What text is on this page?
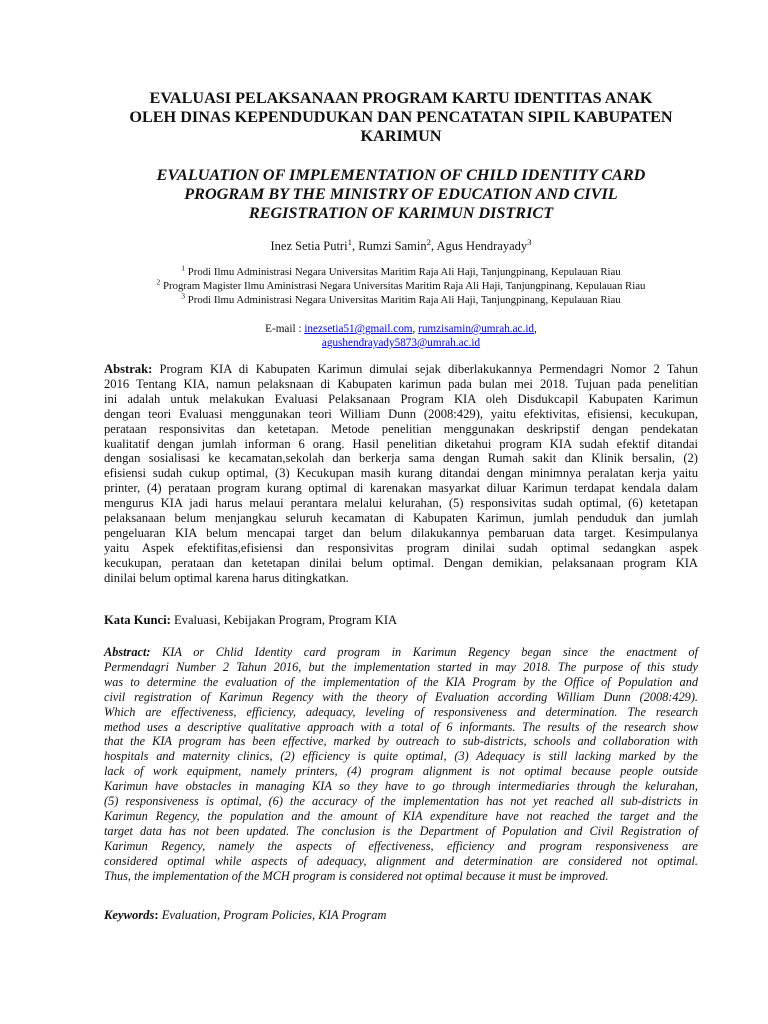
EVALUASI PELAKSANAAN PROGRAM KARTU IDENTITAS ANAK
OLEH DINAS KEPENDUDUKAN DAN PENCATATAN SIPIL KABUPATEN
KARIMUN
EVALUATION OF IMPLEMENTATION OF CHILD IDENTITY CARD
PROGRAM BY THE MINISTRY OF EDUCATION AND CIVIL
REGISTRATION OF KARIMUN DISTRICT
Inez Setia Putri$^1$, Rumzi Samin$^2$, Agus Hendrayady$^3$
$^1$ Prodi Ilmu Administrasi Negara Universitas Maritim Raja Ali Haji, Tanjungpinang, Kepulauan Riau
$^2$ Program Magister Ilmu Aministrasi Negara Universitas Maritim Raja Ali Haji, Tanjungpinang, Kepulauan Riau
$^3$ Prodi Ilmu Administrasi Negara Universitas Maritim Raja Ali Haji, Tanjungpinang, Kepulauan Riau
E-mail : inezsetia51@gmail.com, rumzisamin@umrah.ac.id,
agushendrayady5873@umrah.ac.id
Abstrak: Program KIA di Kabupaten Karimun dimulai sejak diberlakukannya Permendagri Nomor 2 Tahun
2016 Tentang KIA, namun pelaksnaan di Kabupaten karimun pada bulan mei 2018. Tujuan pada penelitian
ini adalah untuk melakukan Evaluasi Pelaksanaan Program KIA oleh Disdukcapil Kabupaten Karimun
dengan teori Evaluasi menggunakan teori William Dunn (2008:429), yaitu efektivitas, efisiensi, kecukupan,
perataan responsivitas dan ketetapan. Metode penelitian menggunakan deskripstif dengan pendekatan
kualitatif dengan jumlah informan 6 orang. Hasil penelitian diketahui program KIA sudah efektif ditandai
dengan sosialisasi ke kecamatan,sekolah dan berkerja sama dengan Rumah sakit dan Klinik bersalin, (2)
efisiensi sudah cukup optimal, (3) Kecukupan masih kurang ditandai dengan minimnya peralatan kerja yaitu
printer, (4) perataan program kurang optimal di karenakan masyarkat diluar Karimun terdapat kendala dalam
mengurus KIA jadi harus melaui perantara melalui kelurahan, (5) responsivitas sudah optimal, (6) ketetapan
pelaksanaan belum menjangkau seluruh kecamatan di Kabupaten Karimun, jumlah penduduk dan jumlah
pengeluaran KIA belum mencapai target dan belum dilakukannya pembaruan data target. Kesimpulanya
yaitu Aspek efektifitas,efisiensi dan responsivitas program dinilai sudah optimal sedangkan aspek
kecukupan, perataan dan ketetapan dinilai belum optimal. Dengan demikian, pelaksanaan program KIA
dinilai belum optimal karena harus ditingkatkan.
Kata Kunci: Evaluasi, Kebijakan Program, Program KIA
Abstract: KIA or Chlid Identity card program in Karimun Regency began since the enactment of
Permendagri Number 2 Tahun 2016, but the implementation started in may 2018. The purpose of this study
was to determine the evaluation of the implementation of the KIA Program by the Office of Population and
civil registration of Karimun Regency with the theory of Evaluation according William Dunn (2008:429).
Which are effectiveness, efficiency, adequacy, leveling of responsiveness and determination. The research
method uses a descriptive qualitative approach with a total of 6 informants. The results of the research show
that the KIA program has been effective, marked by outreach to sub-districts, schools and collaboration with
hospitals and maternity clinics, (2) efficiency is quite optimal, (3) Adequacy is still lacking marked by the
lack of work equipment, namely printers, (4) program alignment is not optimal because people outside
Karimun have obstacles in managing KIA so they have to go through intermediaries through the kelurahan,
(5) responsiveness is optimal, (6) the accuracy of the implementation has not yet reached all sub-districts in
Karimun Regency, the population and the amount of KIA expenditure have not reached the target and the
target data has not been updated. The conclusion is the Department of Population and Civil Registration of
Karimun Regency, namely the aspects of effectiveness, efficiency and program responsiveness are
considered optimal while aspects of adequacy, alignment and determination are considered not optimal.
Thus, the implementation of the MCH program is considered not optimal because it must be improved.
Keywords: Evaluation, Program Policies, KIA Program
